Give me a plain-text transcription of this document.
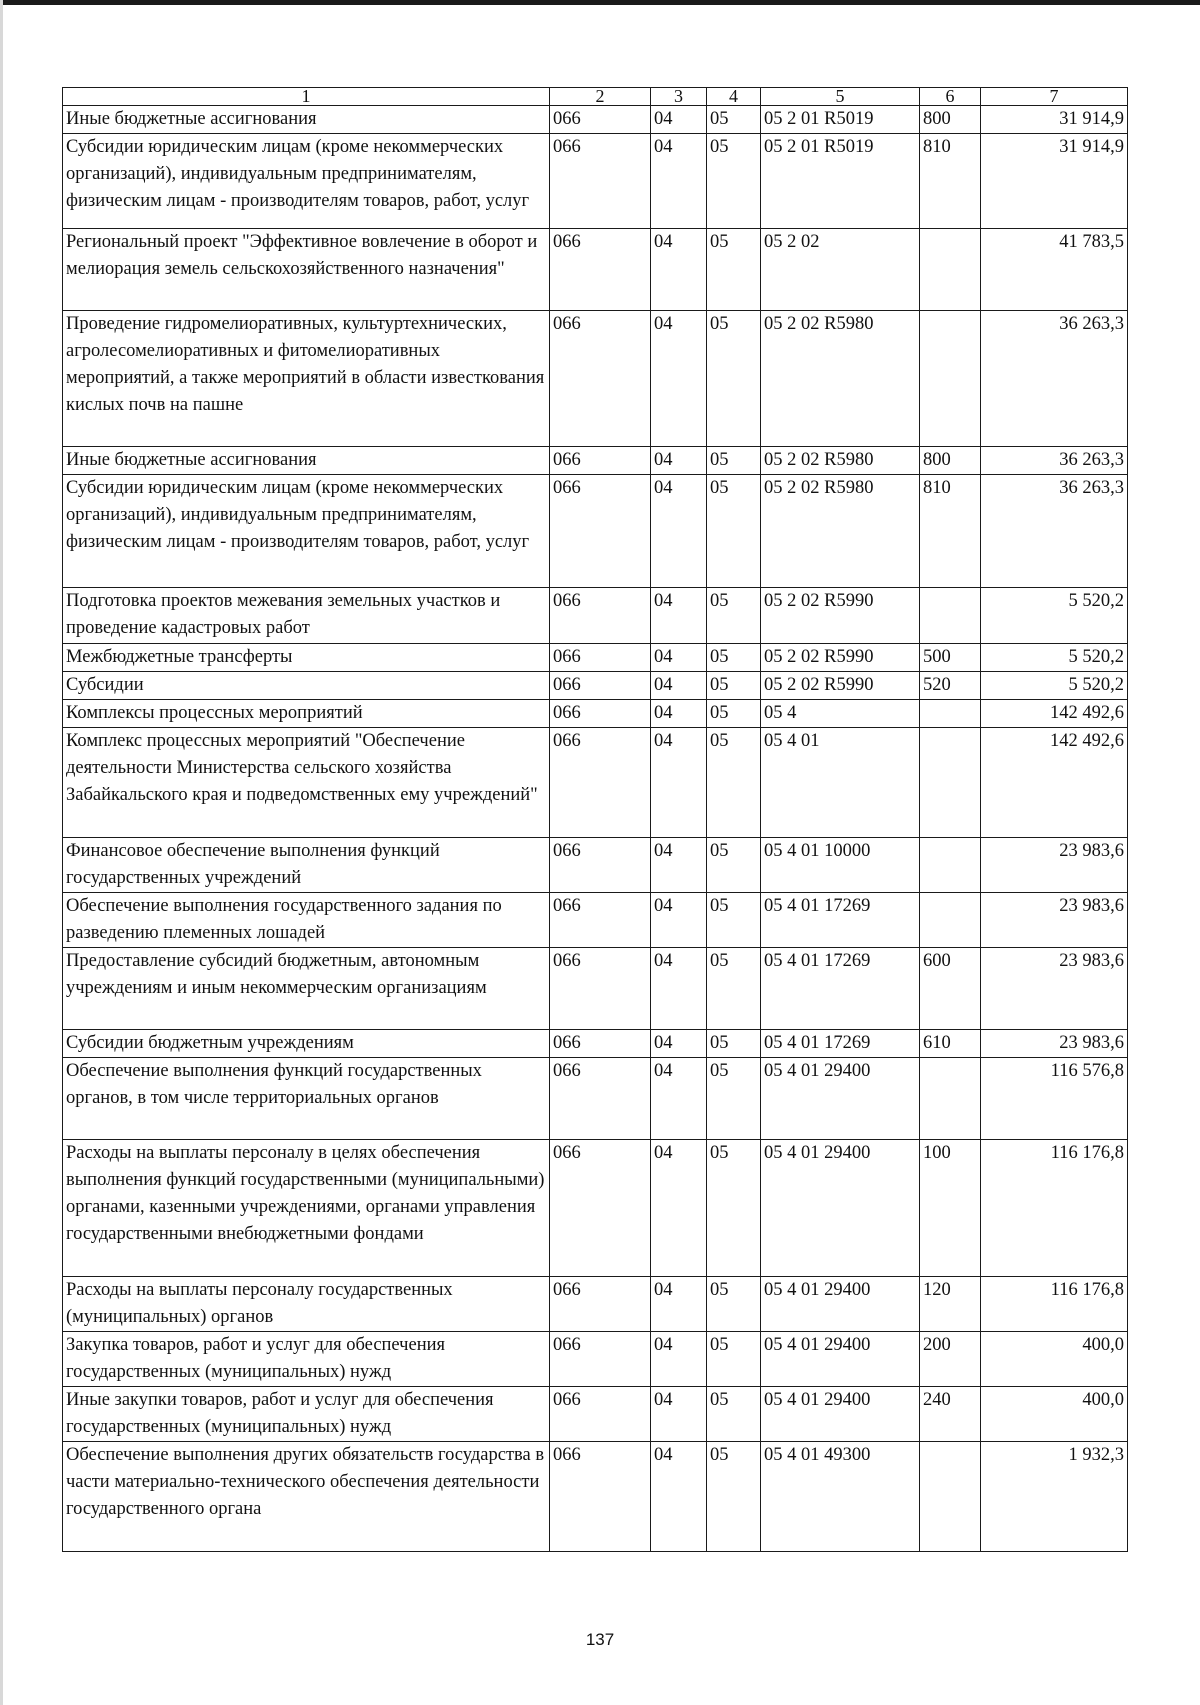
1	2	3	4	5	6	7
Иные бюджетные ассигнования	066	04	05	05 2 01 R5019	800	31 914,9
Субсидии юридическим лицам (кроме некоммерческих организаций), индивидуальным предпринимателям, физическим лицам - производителям товаров, работ, услуг	066	04	05	05 2 01 R5019	810	31 914,9
Региональный проект "Эффективное вовлечение в оборот и мелиорация земель сельскохозяйственного назначения"	066	04	05	05 2 02		41 783,5
Проведение гидромелиоративных, культуртехнических, агролесомелиоративных и фитомелиоративных мероприятий, а также мероприятий в области известкования кислых почв на пашне	066	04	05	05 2 02 R5980		36 263,3
Иные бюджетные ассигнования	066	04	05	05 2 02 R5980	800	36 263,3
Субсидии юридическим лицам (кроме некоммерческих организаций), индивидуальным предпринимателям, физическим лицам - производителям товаров, работ, услуг	066	04	05	05 2 02 R5980	810	36 263,3
Подготовка проектов межевания земельных участков и проведение кадастровых работ	066	04	05	05 2 02 R5990		5 520,2
Межбюджетные трансферты	066	04	05	05 2 02 R5990	500	5 520,2
Субсидии	066	04	05	05 2 02 R5990	520	5 520,2
Комплексы процессных мероприятий	066	04	05	05 4		142 492,6
Комплекс процессных мероприятий "Обеспечение деятельности Министерства сельского хозяйства Забайкальского края и подведомственных ему учреждений"	066	04	05	05 4 01		142 492,6
Финансовое обеспечение выполнения функций государственных учреждений	066	04	05	05 4 01 10000		23 983,6
Обеспечение выполнения государственного задания по разведению племенных лошадей	066	04	05	05 4 01 17269		23 983,6
Предоставление субсидий бюджетным, автономным учреждениям и иным некоммерческим организациям	066	04	05	05 4 01 17269	600	23 983,6
Субсидии бюджетным учреждениям	066	04	05	05 4 01 17269	610	23 983,6
Обеспечение выполнения функций государственных органов, в том числе территориальных органов	066	04	05	05 4 01 29400		116 576,8
Расходы на выплаты персоналу в целях обеспечения выполнения функций государственными (муниципальными) органами, казенными учреждениями, органами управления государственными внебюджетными фондами	066	04	05	05 4 01 29400	100	116 176,8
Расходы на выплаты персоналу государственных (муниципальных) органов	066	04	05	05 4 01 29400	120	116 176,8
Закупка товаров, работ и услуг для обеспечения государственных (муниципальных) нужд	066	04	05	05 4 01 29400	200	400,0
Иные закупки товаров, работ и услуг для обеспечения государственных (муниципальных) нужд	066	04	05	05 4 01 29400	240	400,0
Обеспечение выполнения других обязательств государства в части материально-технического обеспечения деятельности государственного органа	066	04	05	05 4 01 49300		1 932,3
137
